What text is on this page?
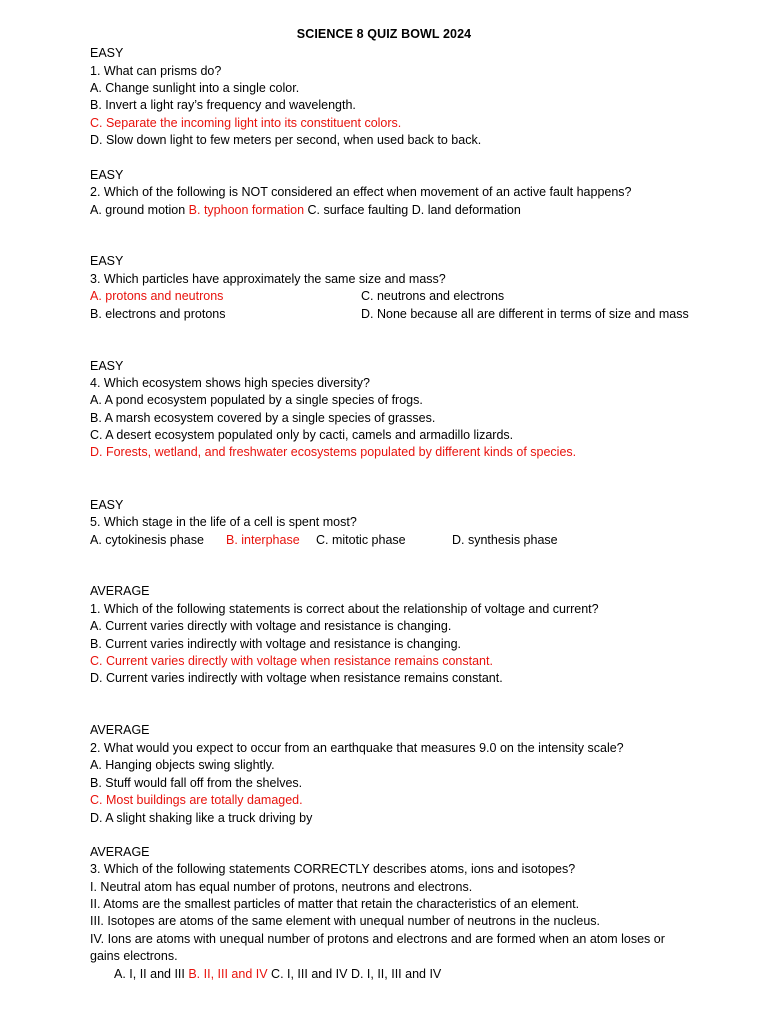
SCIENCE 8 QUIZ BOWL 2024
EASY
1. What can prisms do?
A. Change sunlight into a single color.
B. Invert a light ray’s frequency and wavelength.
C. Separate the incoming light into its constituent colors.
D. Slow down light to few meters per second, when used back to back.
EASY
2. Which of the following is NOT considered an effect when movement of an active fault happens?
A. ground motion B. typhoon formation C. surface faulting D. land deformation
EASY
3. Which particles have approximately the same size and mass?
A. protons and neutrons	C. neutrons and electrons
B. electrons and protons	D. None because all are different in terms of size and mass
EASY
4. Which ecosystem shows high species diversity?
A. A pond ecosystem populated by a single species of frogs.
B. A marsh ecosystem covered by a single species of grasses.
C. A desert ecosystem populated only by cacti, camels and armadillo lizards.
D. Forests, wetland, and freshwater ecosystems populated by different kinds of species.
EASY
5. Which stage in the life of a cell is spent most?
A. cytokinesis phase B. interphase C. mitotic phase	D. synthesis phase
AVERAGE
1. Which of the following statements is correct about the relationship of voltage and current?
A. Current varies directly with voltage and resistance is changing.
B. Current varies indirectly with voltage and resistance is changing.
C. Current varies directly with voltage when resistance remains constant.
D. Current varies indirectly with voltage when resistance remains constant.
AVERAGE
2. What would you expect to occur from an earthquake that measures 9.0 on the intensity scale?
A. Hanging objects swing slightly.
B. Stuff would fall off from the shelves.
C. Most buildings are totally damaged.
D. A slight shaking like a truck driving by
AVERAGE
3. Which of the following statements CORRECTLY describes atoms, ions and isotopes?
I. Neutral atom has equal number of protons, neutrons and electrons.
II. Atoms are the smallest particles of matter that retain the characteristics of an element.
III. Isotopes are atoms of the same element with unequal number of neutrons in the nucleus.
IV. Ions are atoms with unequal number of protons and electrons and are formed when an atom loses or
gains electrons.
A. I, II and III B. II, III and IV C. I, III and IV D. I, II, III and IV
